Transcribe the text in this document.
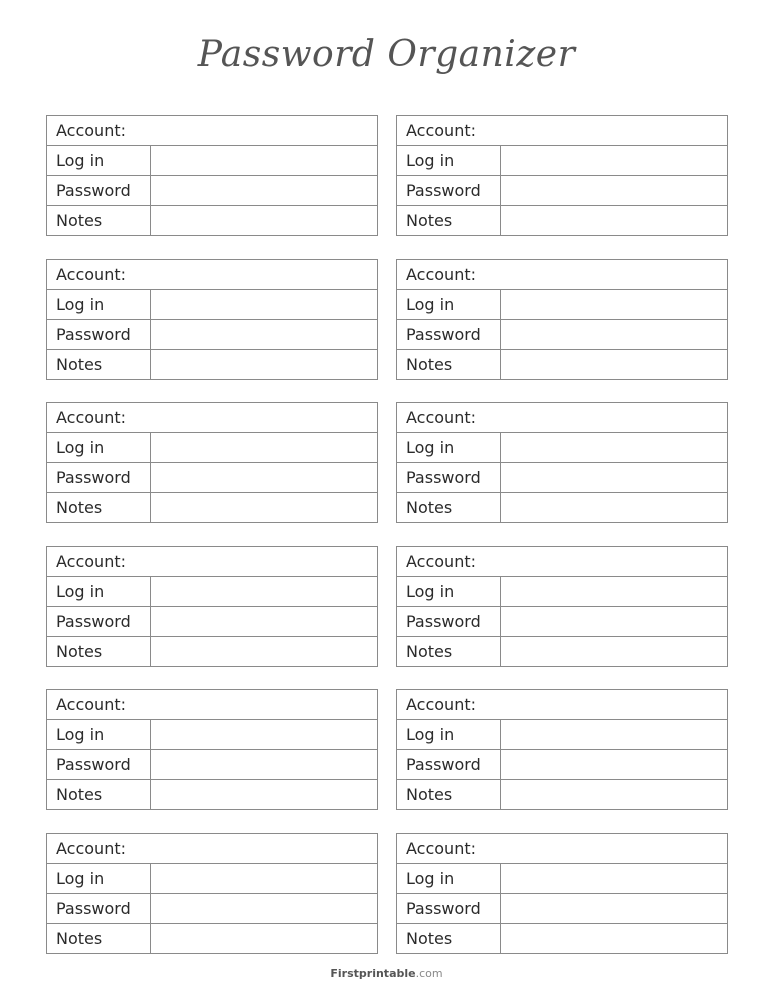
Password Organizer
Account:
Log in
Password
Notes
Account:
Log in
Password
Notes
Account:
Log in
Password
Notes
Account:
Log in
Password
Notes
Account:
Log in
Password
Notes
Account:
Log in
Password
Notes
Account:
Log in
Password
Notes
Account:
Log in
Password
Notes
Account:
Log in
Password
Notes
Account:
Log in
Password
Notes
Account:
Log in
Password
Notes
Account:
Log in
Password
Notes
Firstprintable.com
